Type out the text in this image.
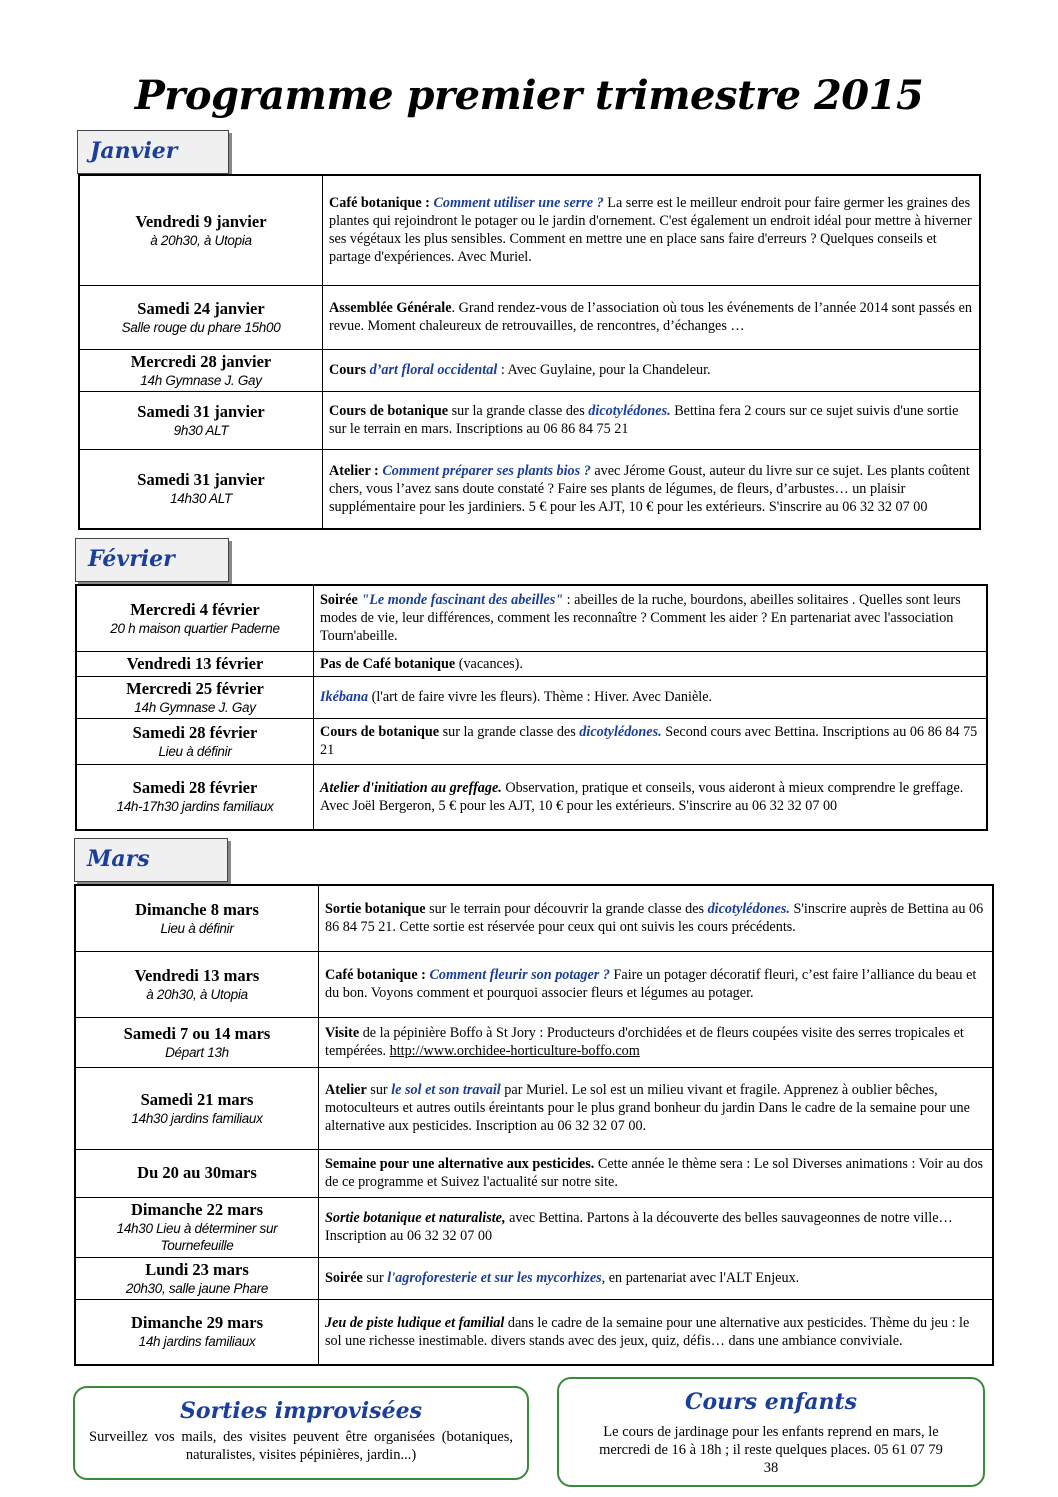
Programme premier trimestre 2015
Janvier
Vendredi 9 janvier
à 20h30, à Utopia	Café botanique : Comment utiliser une serre ? La serre est le meilleur endroit pour faire germer les graines des plantes qui rejoindront le potager ou le jardin d'ornement. C'est également un endroit idéal pour mettre à hiverner ses végétaux les plus sensibles. Comment en mettre une en place sans faire d'erreurs ? Quelques conseils et partage d'expériences. Avec Muriel.

Samedi 24 janvier
Salle rouge du phare 15h00	Assemblée Générale. Grand rendez-vous de l’association où tous les événements de l’année 2014 sont passés en revue. Moment chaleureux de retrouvailles, de rencontres, d’échanges …

Mercredi 28 janvier
14h Gymnase J. Gay	Cours d’art floral occidental : Avec Guylaine, pour la Chandeleur.

Samedi 31 janvier
9h30 ALT	Cours de botanique sur la grande classe des dicotylédones. Bettina fera 2 cours sur ce sujet suivis d'une sortie sur le terrain en mars. Inscriptions au 06 86 84 75 21

Samedi 31 janvier
14h30 ALT	Atelier : Comment préparer ses plants bios ? avec Jérome Goust, auteur du livre sur ce sujet. Les plants coûtent chers, vous l’avez sans doute constaté ? Faire ses plants de légumes, de fleurs, d’arbustes… un plaisir supplémentaire pour les jardiniers. 5 € pour les AJT, 10 € pour les extérieurs. S'inscrire au 06 32 32 07 00
Février
Mercredi 4 février
20 h maison quartier Paderne	Soirée "Le monde fascinant des abeilles" : abeilles de la ruche, bourdons, abeilles solitaires . Quelles sont leurs modes de vie, leur différences, comment les reconnaître ? Comment les aider ? En partenariat avec l'association Tourn'abeille.

Vendredi 13 février	Pas de Café botanique (vacances).

Mercredi 25 février
14h Gymnase J. Gay	Ikébana (l'art de faire vivre les fleurs). Thème : Hiver. Avec Danièle.

Samedi 28 février
Lieu à définir	Cours de botanique sur la grande classe des dicotylédones. Second cours avec Bettina. Inscriptions au 06 86 84 75 21

Samedi 28 février
14h-17h30 jardins familiaux	Atelier d'initiation au greffage. Observation, pratique et conseils, vous aideront à mieux comprendre le greffage. Avec Joël Bergeron, 5 € pour les AJT, 10 € pour les extérieurs. S'inscrire au 06 32 32 07 00
Mars
Dimanche 8 mars
Lieu à définir	Sortie botanique sur le terrain pour découvrir la grande classe des dicotylédones. S'inscrire auprès de Bettina au 06 86 84 75 21. Cette sortie est réservée pour ceux qui ont suivis les cours précédents.

Vendredi 13 mars
à 20h30, à Utopia	Café botanique : Comment fleurir son potager ? Faire un potager décoratif fleuri, c’est faire l’alliance du beau et du bon. Voyons comment et pourquoi associer fleurs et légumes au potager.

Samedi 7 ou 14 mars
Départ 13h	Visite de la pépinière Boffo à St Jory : Producteurs d'orchidées et de fleurs coupées visite des serres tropicales et tempérées. http://www.orchidee-horticulture-boffo.com

Samedi 21 mars
14h30 jardins familiaux	Atelier sur le sol et son travail par Muriel. Le sol est un milieu vivant et fragile. Apprenez à oublier bêches, motoculteurs et autres outils éreintants pour le plus grand bonheur du jardin Dans le cadre de la semaine pour une alternative aux pesticides. Inscription au 06 32 32 07 00.

Du 20 au 30mars	Semaine pour une alternative aux pesticides. Cette année le thème sera : Le sol Diverses animations : Voir au dos de ce programme et Suivez l'actualité sur notre site.

Dimanche 22 mars
14h30 Lieu à déterminer sur Tournefeuille	Sortie botanique et naturaliste, avec Bettina. Partons à la découverte des belles sauvageonnes de notre ville… Inscription au 06 32 32 07 00

Lundi 23 mars
20h30, salle jaune Phare	Soirée sur l'agroforesterie et sur les mycorhizes, en partenariat avec l'ALT Enjeux.

Dimanche 29 mars
14h jardins familiaux	Jeu de piste ludique et familial dans le cadre de la semaine pour une alternative aux pesticides. Thème du jeu : le sol une richesse inestimable. divers stands avec des jeux, quiz, défis… dans une ambiance conviviale.
Sorties improvisées
Surveillez vos mails, des visites peuvent être organisées (botaniques, naturalistes, visites pépinières, jardin...)
Cours enfants
Le cours de jardinage pour les enfants reprend en mars, le mercredi de 16 à 18h ; il reste quelques places. 05 61 07 79 38
